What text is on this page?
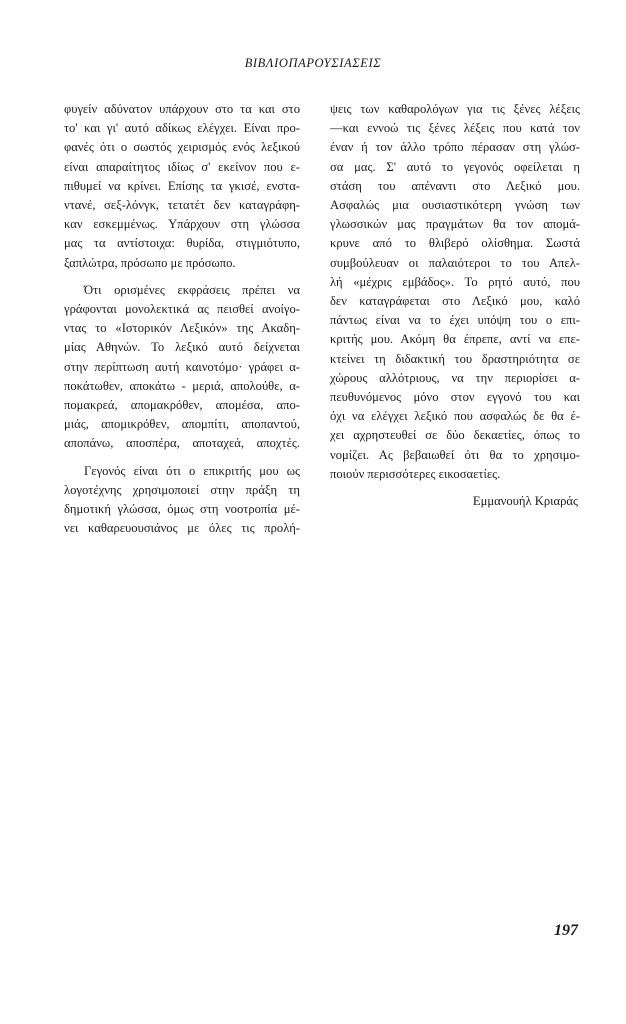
ΒΙΒΛΙΟΠΑΡΟΥΣΙΑΣΕΙΣ
φυγείν αδύνατον υπάρχουν στο τα και στο
το' και γι' αυτό αδίκως ελέγχει. Είναι προ-
φανές ότι ο σωστός χειρισμός ενός λεξικού
είναι απαραίτητος ιδίως σ' εκείνον που ε-
πιθυμεί να κρίνει. Επίσης τα γκισέ, ενστα-
ντανέ, σεξ-λόνγκ, τετατέτ δεν καταγράφη-
καν εσκεμμένως. Υπάρχουν στη γλώσσα
μας τα αντίστοιχα: θυρίδα, στιγμιότυπο,
ξαπλώτρα, πρόσωπο με πρόσωπο.
Ότι ορισμένες εκφράσεις πρέπει να
γράφονται μονολεκτικά ας πεισθεί ανοίγο-
ντας το «Ιστορικόν Λεξικόν» της Ακαδη-
μίας Αθηνών. Το λεξικό αυτό δείχνεται
στην περίπτωση αυτή καινοτόμο· γράφει α-
ποκάτωθεν, αποκάτω - μεριά, απολούθε, α-
πομακρεά, απομακρόθεν, απομέσα, απο-
μιάς, απομικρόθεν, απομπίτι, αποπαντού,
αποπάνω, αποσπέρα, αποταχεά, αποχτές.
Γεγονός είναι ότι ο επικριτής μου ως
λογοτέχνης χρησιμοποιεί στην πράξη τη
δημοτική γλώσσα, όμως στη νοοτροπία μέ-
νει καθαρευουσιάνος με όλες τις προλή-
ψεις των καθαρολόγων για τις ξένες λέξεις
—και εννοώ τις ξένες λέξεις που κατά τον
έναν ή τον άλλο τρόπο πέρασαν στη γλώσ-
σα μας. Σ' αυτό το γεγονός οφείλεται η
στάση του απέναντι στο Λεξικό μου.
Ασφαλώς μια ουσιαστικότερη γνώση των
γλωσσικών μας πραγμάτων θα τον απομά-
κρυνε από το θλιβερό ολίσθημα. Σωστά
συμβούλευαν οι παλαιότεροι το του Απελ-
λή «μέχρις εμβάδος». Το ρητό αυτό, που
δεν καταγράφεται στο Λεξικό μου, καλό
πάντως είναι να το έχει υπόψη του ο επι-
κριτής μου. Ακόμη θα έπρεπε, αντί να επε-
κτείνει τη διδακτική του δραστηριότητα σε
χώρους αλλότριους, να την περιορίσει α-
πευθυνόμενος μόνο στον εγγονό του και
όχι να ελέγχει λεξικό που ασφαλώς δε θα έ-
χει αχρηστευθεί σε δύο δεκαετίες, όπως το
νομίζει. Ας βεβαιωθεί ότι θα το χρησιμο-
ποιούν περισσότερες εικοσαετίες.
Εμμανουήλ Κριαράς
197
